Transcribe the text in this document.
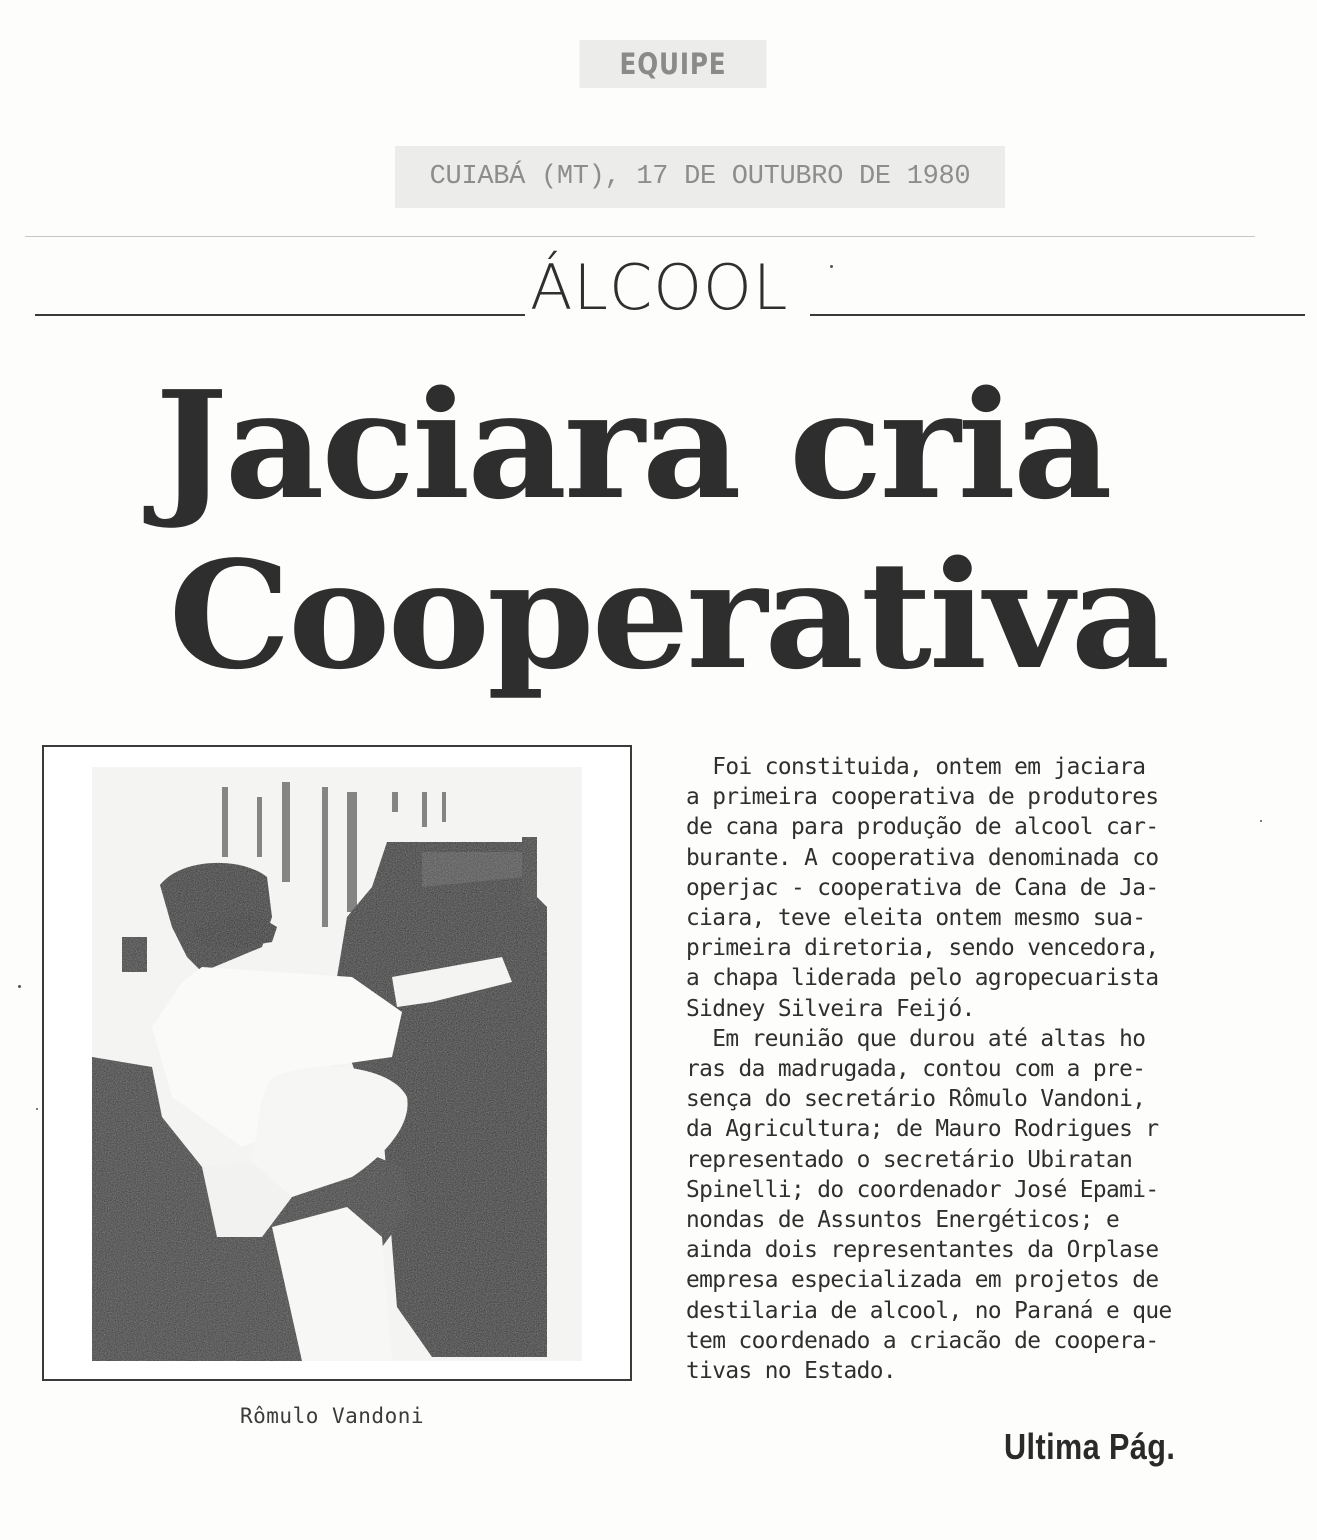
EQUIPE
CUIABÁ (MT), 17 DE OUTUBRO DE 1980
ÁLCOOL
Jaciara cria
Cooperativa
Rômulo Vandoni
Foi constituida, ontem em jaciara
a primeira cooperativa de produtores
de cana para produção de alcool car-
burante. A cooperativa denominada co
operjac - cooperativa de Cana de Ja-
ciara, teve eleita ontem mesmo sua-
primeira diretoria, sendo vencedora,
a chapa liderada pelo agropecuarista
Sidney Silveira Feijó.
Em reunião que durou até altas ho
ras da madrugada, contou com a pre-
sença do secretário Rômulo Vandoni,
da Agricultura; de Mauro Rodrigues r
representado o secretário Ubiratan
Spinelli; do coordenador José Epami-
nondas de Assuntos Energéticos; e
ainda dois representantes da Orplase
empresa especializada em projetos de
destilaria de alcool, no Paraná e que
tem coordenado a criacão de coopera-
tivas no Estado.
Ultima Pág.
